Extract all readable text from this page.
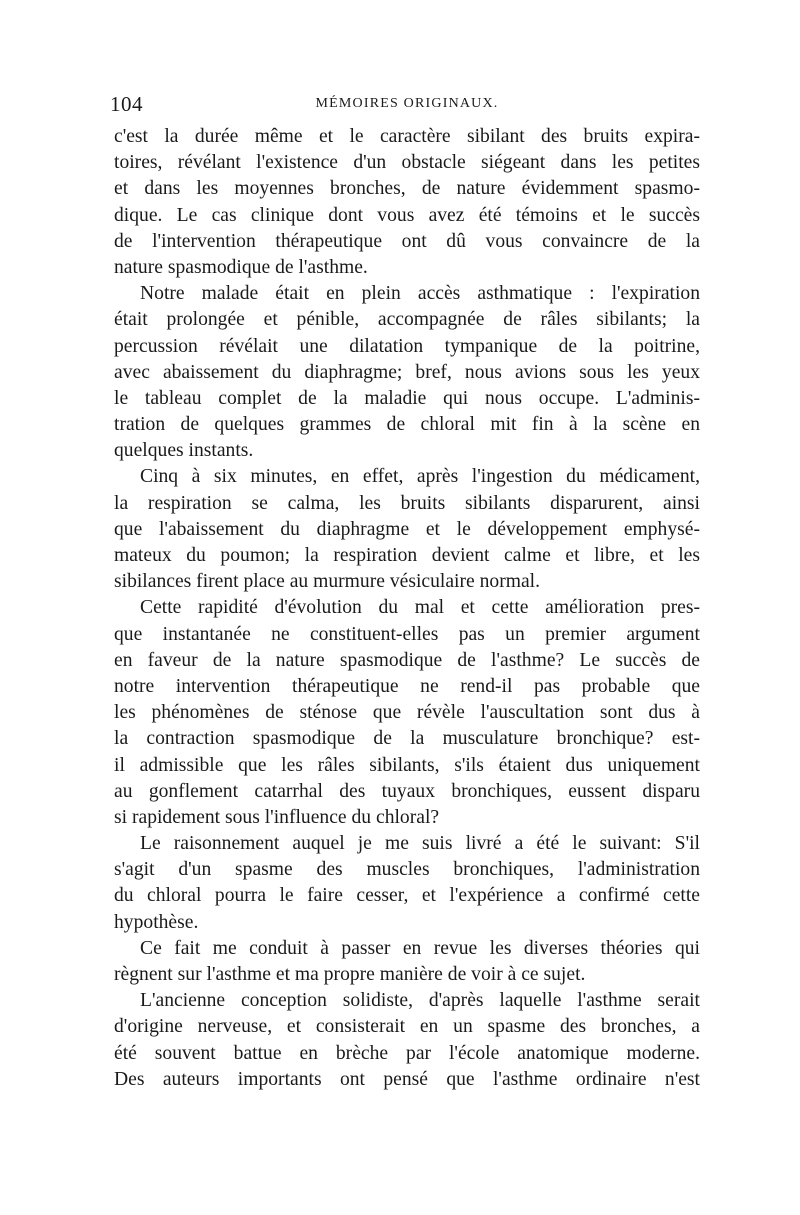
104	MÉMOIRES ORIGINAUX.
c'est la durée même et le caractère sibilant des bruits expira-
toires, révélant l'existence d'un obstacle siégeant dans les petites
et dans les moyennes bronches, de nature évidemment spasmo-
dique. Le cas clinique dont vous avez été témoins et le succès
de l'intervention thérapeutique ont dû vous convaincre de la
nature spasmodique de l'asthme.
Notre malade était en plein accès asthmatique : l'expiration
était prolongée et pénible, accompagnée de râles sibilants; la
percussion révélait une dilatation tympanique de la poitrine,
avec abaissement du diaphragme; bref, nous avions sous les yeux
le tableau complet de la maladie qui nous occupe. L'adminis-
tration de quelques grammes de chloral mit fin à la scène en
quelques instants.
Cinq à six minutes, en effet, après l'ingestion du médicament,
la respiration se calma, les bruits sibilants disparurent, ainsi
que l'abaissement du diaphragme et le développement emphysé-
mateux du poumon; la respiration devient calme et libre, et les
sibilances firent place au murmure vésiculaire normal.
Cette rapidité d'évolution du mal et cette amélioration pres-
que instantanée ne constituent-elles pas un premier argument
en faveur de la nature spasmodique de l'asthme? Le succès de
notre intervention thérapeutique ne rend-il pas probable que
les phénomènes de sténose que révèle l'auscultation sont dus à
la contraction spasmodique de la musculature bronchique? est-
il admissible que les râles sibilants, s'ils étaient dus uniquement
au gonflement catarrhal des tuyaux bronchiques, eussent disparu
si rapidement sous l'influence du chloral?
Le raisonnement auquel je me suis livré a été le suivant: S'il
s'agit d'un spasme des muscles bronchiques, l'administration
du chloral pourra le faire cesser, et l'expérience a confirmé cette
hypothèse.
Ce fait me conduit à passer en revue les diverses théories qui
règnent sur l'asthme et ma propre manière de voir à ce sujet.
L'ancienne conception solidiste, d'après laquelle l'asthme serait
d'origine nerveuse, et consisterait en un spasme des bronches, a
été souvent battue en brèche par l'école anatomique moderne.
Des auteurs importants ont pensé que l'asthme ordinaire n'est
